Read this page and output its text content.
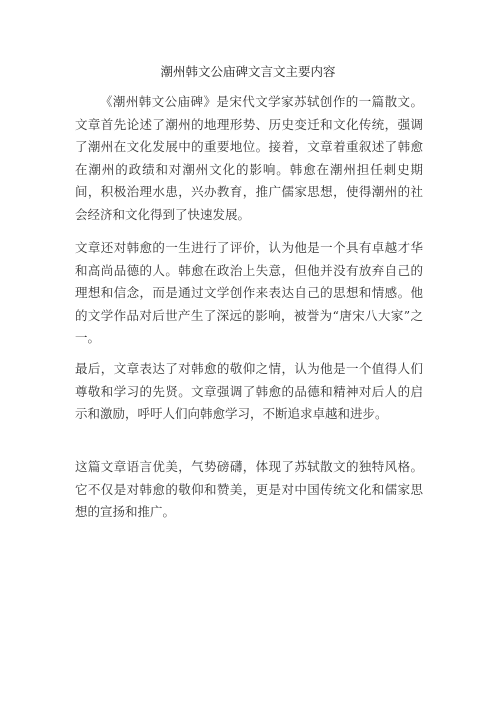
潮州韩文公庙碑文言文主要内容

《潮州韩文公庙碑》是宋代文学家苏轼创作的一篇散文。文章首先论述了潮州的地理形势、历史变迁和文化传统，强调了潮州在文化发展中的重要地位。接着，文章着重叙述了韩愈在潮州的政绩和对潮州文化的影响。韩愈在潮州担任刺史期间，积极治理水患，兴办教育，推广儒家思想，使得潮州的社会经济和文化得到了快速发展。

文章还对韩愈的一生进行了评价，认为他是一个具有卓越才华和高尚品德的人。韩愈在政治上失意，但他并没有放弃自己的理想和信念，而是通过文学创作来表达自己的思想和情感。他的文学作品对后世产生了深远的影响，被誉为“唐宋八大家”之一。

最后，文章表达了对韩愈的敬仰之情，认为他是一个值得人们尊敬和学习的先贤。文章强调了韩愈的品德和精神对后人的启示和激励，呼吁人们向韩愈学习，不断追求卓越和进步。

这篇文章语言优美，气势磅礴，体现了苏轼散文的独特风格。它不仅是对韩愈的敬仰和赞美，更是对中国传统文化和儒家思想的宣扬和推广。
